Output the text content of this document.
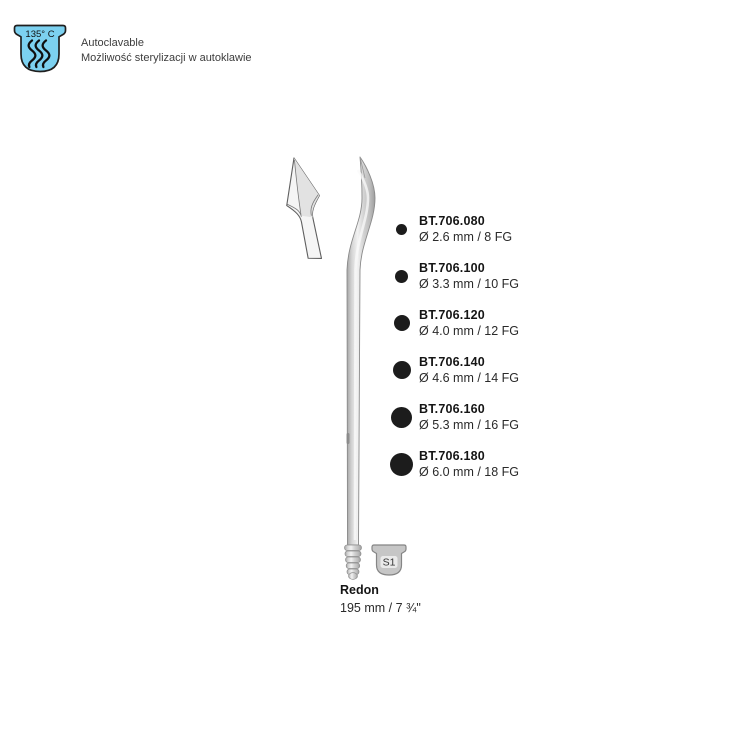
135° C
Autoclavable
Możliwość sterylizacji w autoklawie
S1
Redon
195 mm / 7 ¾"
BT.706.080
Ø 2.6 mm / 8 FG
BT.706.100
Ø 3.3 mm / 10 FG
BT.706.120
Ø 4.0 mm / 12 FG
BT.706.140
Ø 4.6 mm / 14 FG
BT.706.160
Ø 5.3 mm / 16 FG
BT.706.180
Ø 6.0 mm / 18 FG
